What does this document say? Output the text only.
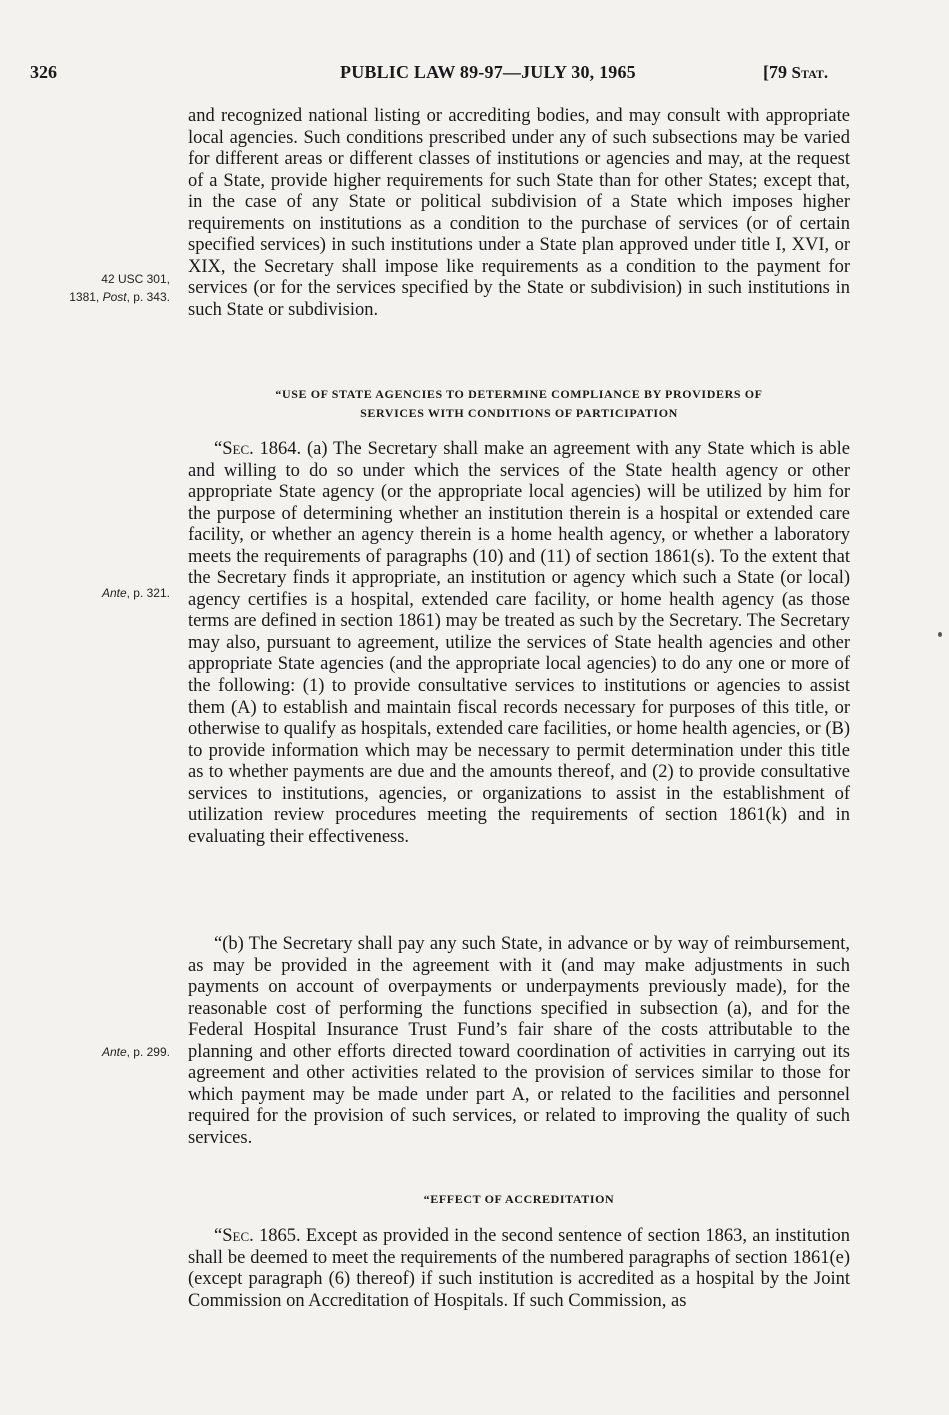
326	PUBLIC LAW 89-97—JULY 30, 1965	[79 Stat.
42 USC 301,
1381, Post, p. 343.
Ante, p. 321.
Ante, p. 299.

and recognized national listing or accrediting bodies, and may consult with appropriate local agencies. Such conditions prescribed under any of such subsections may be varied for different areas or different classes of institutions or agencies and may, at the request of a State, provide higher requirements for such State than for other States; except that, in the case of any State or political subdivision of a State which imposes higher requirements on institutions as a condition to the purchase of services (or of certain specified services) in such institutions under a State plan approved under title I, XVI, or XIX, the Secretary shall impose like requirements as a condition to the payment for services (or for the services specified by the State or subdivision) in such institutions in such State or subdivision.

“USE OF STATE AGENCIES TO DETERMINE COMPLIANCE BY PROVIDERS OF
SERVICES WITH CONDITIONS OF PARTICIPATION

“Sec. 1864. (a) The Secretary shall make an agreement with any State which is able and willing to do so under which the services of the State health agency or other appropriate State agency (or the appropriate local agencies) will be utilized by him for the purpose of determining whether an institution therein is a hospital or extended care facility, or whether an agency therein is a home health agency, or whether a laboratory meets the requirements of paragraphs (10) and (11) of section 1861(s). To the extent that the Secretary finds it appropriate, an institution or agency which such a State (or local) agency certifies is a hospital, extended care facility, or home health agency (as those terms are defined in section 1861) may be treated as such by the Secretary. The Secretary may also, pursuant to agreement, utilize the services of State health agencies and other appropriate State agencies (and the appropriate local agencies) to do any one or more of the following: (1) to provide consultative services to institutions or agencies to assist them (A) to establish and maintain fiscal records necessary for purposes of this title, or otherwise to qualify as hospitals, extended care facilities, or home health agencies, or (B) to provide information which may be necessary to permit determination under this title as to whether payments are due and the amounts thereof, and (2) to provide consultative services to institutions, agencies, or organizations to assist in the establishment of utilization review procedures meeting the requirements of section 1861(k) and in evaluating their effectiveness.

“(b) The Secretary shall pay any such State, in advance or by way of reimbursement, as may be provided in the agreement with it (and may make adjustments in such payments on account of overpayments or underpayments previously made), for the reasonable cost of performing the functions specified in subsection (a), and for the Federal Hospital Insurance Trust Fund’s fair share of the costs attributable to the planning and other efforts directed toward coordination of activities in carrying out its agreement and other activities related to the provision of services similar to those for which payment may be made under part A, or related to the facilities and personnel required for the provision of such services, or related to improving the quality of such services.

“EFFECT OF ACCREDITATION

“Sec. 1865. Except as provided in the second sentence of section 1863, an institution shall be deemed to meet the requirements of the numbered paragraphs of section 1861(e) (except paragraph (6) thereof) if such institution is accredited as a hospital by the Joint Commission on Accreditation of Hospitals. If such Commission, as
